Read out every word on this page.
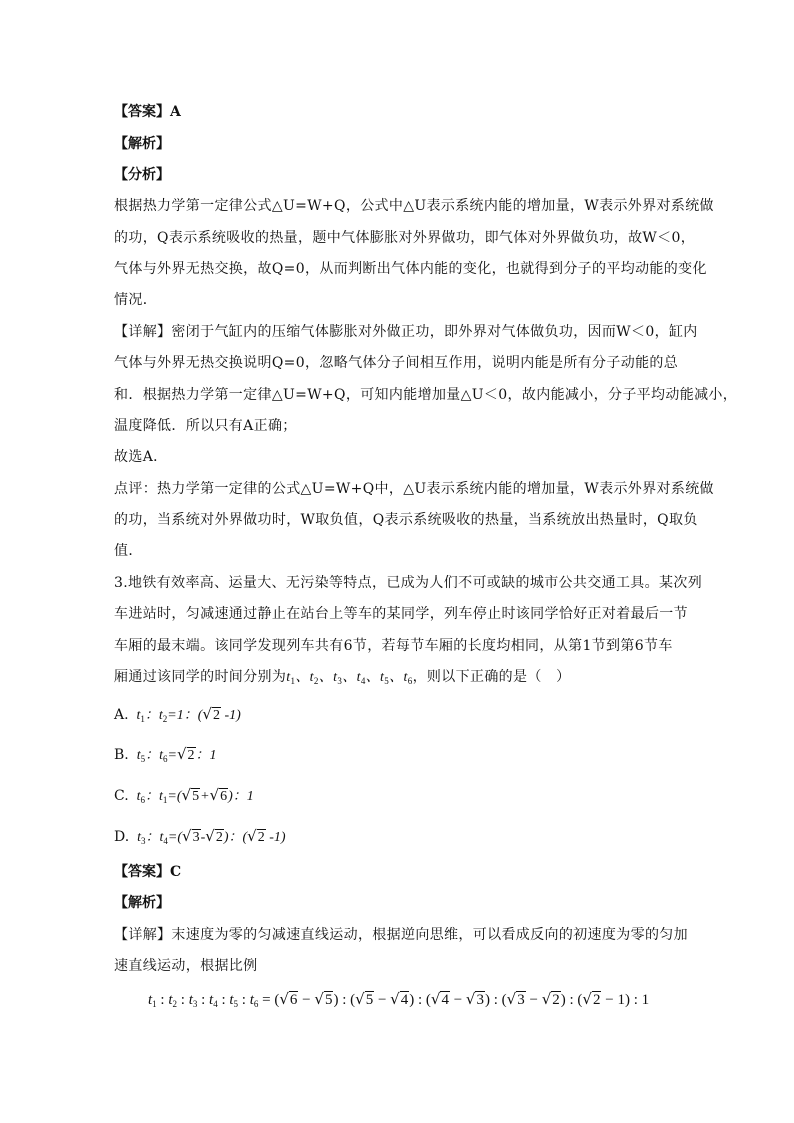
【答案】A
【解析】
【分析】
根据热力学第一定律公式△U=W+Q，公式中△U表示系统内能的增加量，W表示外界对系统做
的功，Q表示系统吸收的热量，题中气体膨胀对外界做功，即气体对外界做负功，故W＜0，
气体与外界无热交换，故Q=0，从而判断出气体内能的变化，也就得到分子的平均动能的变化
情况．
【详解】密闭于气缸内的压缩气体膨胀对外做正功，即外界对气体做负功，因而W＜0，缸内
气体与外界无热交换说明Q=0，忽略气体分子间相互作用，说明内能是所有分子动能的总
和．根据热力学第一定律△U=W+Q，可知内能增加量△U＜0，故内能减小，分子平均动能减小，
温度降低．所以只有A正确；
故选A．
点评：热力学第一定律的公式△U=W+Q中，△U表示系统内能的增加量，W表示外界对系统做
的功，当系统对外界做功时，W取负值，Q表示系统吸收的热量，当系统放出热量时，Q取负
值．
3.地铁有效率高、运量大、无污染等特点，已成为人们不可或缺的城市公共交通工具。某次列
车进站时，匀减速通过静止在站台上等车的某同学，列车停止时该同学恰好正对着最后一节
车厢的最末端。该同学发现列车共有6节，若每节车厢的长度均相同，从第1节到第6节车
厢通过该同学的时间分别为$t_1$、$t_2$、$t_3$、$t_4$、$t_5$、$t_6$，则以下正确的是（　）
A.  $t_1$：$t_2=1$：(√2 -1)
B.  $t_5$：$t_6=√2$：1
C.  $t_6$：$t_1=(√5+√6)$：1
D.  $t_3$：$t_4=(√3-√2)$：(√2 -1)
【答案】C
【解析】
【详解】末速度为零的匀减速直线运动，根据逆向思维，可以看成反向的初速度为零的匀加
速直线运动，根据比例
$t_1$ : $t_2$ : $t_3$ : $t_4$ : $t_5$ : $t_6 = (√6 - √5)$ : (√5 − √4) : (√4 − √3) : (√3 − √2) : (√2 − 1) : 1
